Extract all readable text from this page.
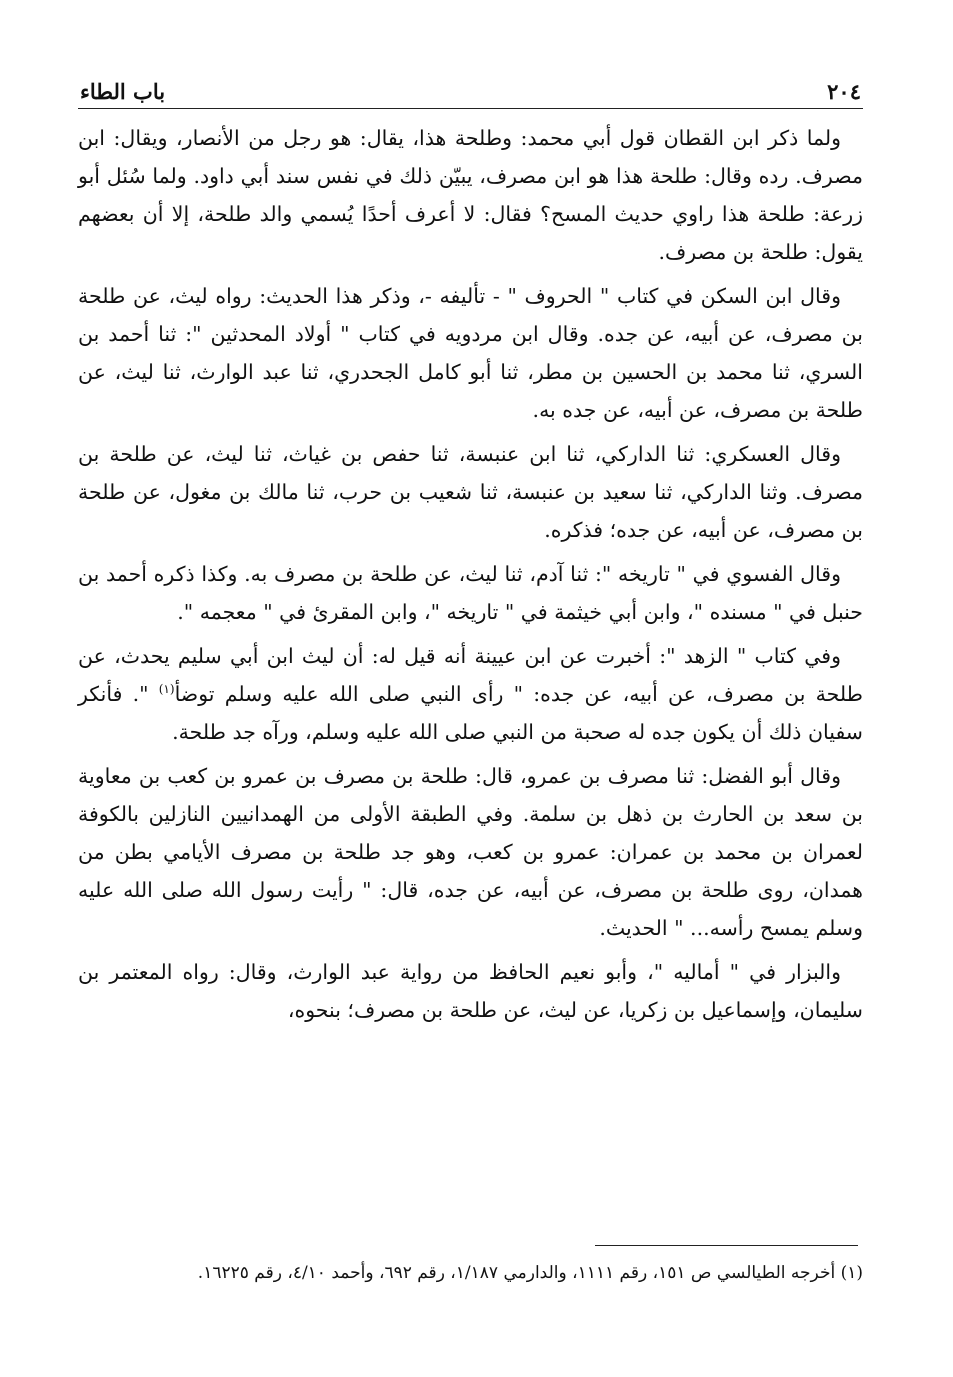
٢٠٤
باب الطاء

ولما ذكر ابن القطان قول أبي محمد: وطلحة هذا، يقال: هو رجل من الأنصار، ويقال: ابن مصرف. رده وقال: طلحة هذا هو ابن مصرف، يبيّن ذلك في نفس سند أبي داود. ولما سُئل أبو زرعة: طلحة هذا راوي حديث المسح؟ فقال: لا أعرف أحدًا يُسمي والد طلحة، إلا أن بعضهم يقول: طلحة بن مصرف.

وقال ابن السكن في كتاب " الحروف " - تأليفه -، وذكر هذا الحديث: رواه ليث، عن طلحة بن مصرف، عن أبيه، عن جده. وقال ابن مردويه في كتاب " أولاد المحدثين ": ثنا أحمد بن السري، ثنا محمد بن الحسين بن مطر، ثنا أبو كامل الجحدري، ثنا عبد الوارث، ثنا ليث، عن طلحة بن مصرف، عن أبيه، عن جده به.

وقال العسكري: ثنا الداركي، ثنا ابن عنبسة، ثنا حفص بن غياث، ثنا ليث، عن طلحة بن مصرف. وثنا الداركي، ثنا سعيد بن عنبسة، ثنا شعيب بن حرب، ثنا مالك بن مغول، عن طلحة بن مصرف، عن أبيه، عن جده؛ فذكره.

وقال الفسوي في " تاريخه ": ثنا آدم، ثنا ليث، عن طلحة بن مصرف به. وكذا ذكره أحمد بن حنبل في " مسنده "، وابن أبي خيثمة في " تاريخه "، وابن المقرئ في " معجمه ".

وفي كتاب " الزهد ": أخبرت عن ابن عيينة أنه قيل له: أن ليث ابن أبي سليم يحدث، عن طلحة بن مصرف، عن أبيه، عن جده: " رأى النبي صلى الله عليه وسلم توضأ$^{(١)}$ ". فأنكر سفيان ذلك أن يكون جده له صحبة من النبي صلى الله عليه وسلم، ورآه جد طلحة.

وقال أبو الفضل: ثنا مصرف بن عمرو، قال: طلحة بن مصرف بن عمرو بن كعب بن معاوية بن سعد بن الحارث بن ذهل بن سلمة. وفي الطبقة الأولى من الهمدانيين النازلين بالكوفة لعمران بن محمد بن عمران: عمرو بن كعب، وهو جد طلحة بن مصرف الأيامي بطن من همدان، روى طلحة بن مصرف، عن أبيه، عن جده، قال: " رأيت رسول الله صلى الله عليه وسلم يمسح رأسه... " الحديث.

والبزار في " أماليه "، وأبو نعيم الحافظ من رواية عبد الوارث، وقال: رواه المعتمر بن سليمان، وإسماعيل بن زكريا، عن ليث، عن طلحة بن مصرف؛ بنحوه،

(١) أخرجه الطيالسي ص ١٥١، رقم ١١١١، والدارمي ١/١٨٧، رقم ٦٩٢، وأحمد ٤/١٠، رقم ١٦٢٢٥.
